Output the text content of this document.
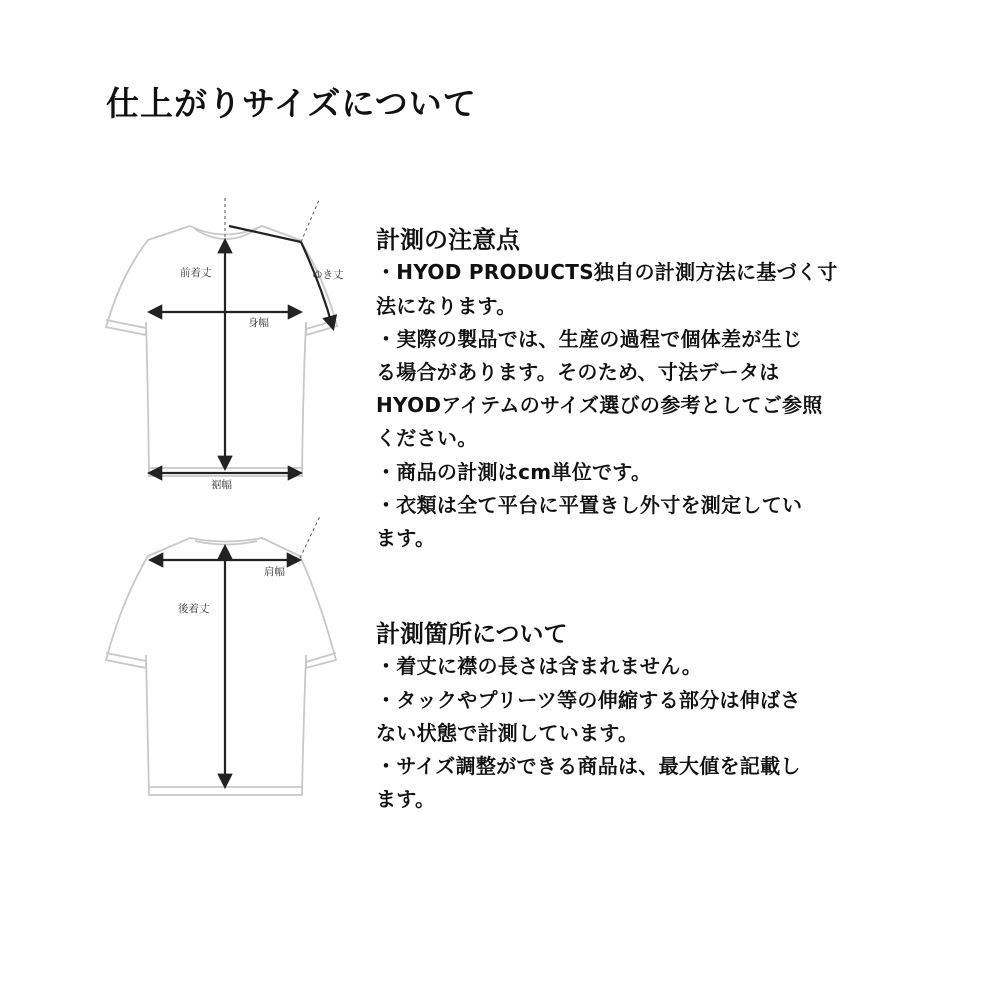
仕上がりサイズについて
前着丈	ゆき丈
身幅
裾幅
肩幅
後着丈
計測の注意点

・HYOD PRODUCTS独自の計測方法に基づく寸

法になります。

・実際の製品では、生産の過程で個体差が生じ

る場合があります。そのため、寸法データは

HYODアイテムのサイズ選びの参考としてご参照

ください。

・商品の計測はcm単位です。

・衣類は全て平台に平置きし外寸を測定してい

ます。

計測箇所について

・着丈に襟の長さは含まれません。

・タックやプリーツ等の伸縮する部分は伸ばさ

ない状態で計測しています。

・サイズ調整ができる商品は、最大値を記載し

ます。
